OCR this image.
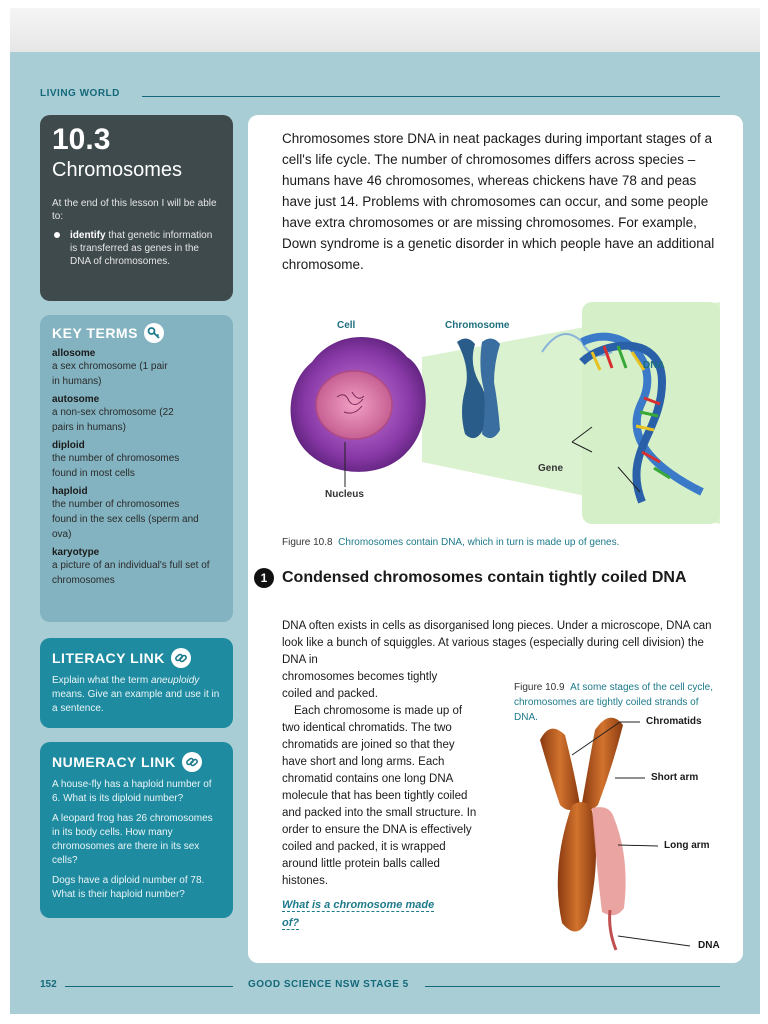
LIVING WORLD
10.3
Chromosomes
At the end of this lesson I will be able to:
identify that genetic information is transferred as genes in the DNA of chromosomes.
KEY TERMS
allosome
a sex chromosome (1 pair in humans)
autosome
a non-sex chromosome (22 pairs in humans)
diploid
the number of chromosomes found in most cells
haploid
the number of chromosomes found in the sex cells (sperm and ova)
karyotype
a picture of an individual's full set of chromosomes
LITERACY LINK

Explain what the term aneuploidy means. Give an example and use it in a sentence.

NUMERACY LINK

A house-fly has a haploid number of 6. What is its diploid number?

A leopard frog has 26 chromosomes in its body cells. How many chromosomes are there in its sex cells?

Dogs have a diploid number of 78. What is their haploid number?

Chromosomes store DNA in neat packages during important stages of a cell's life cycle. The number of chromosomes differs across species – humans have 46 chromosomes, whereas chickens have 78 and peas have just 14. Problems with chromosomes can occur, and some people have extra chromosomes or are missing chromosomes. For example, Down syndrome is a genetic disorder in which people have an additional chromosome.
Cell	Chromosome
DNA
Gene
Nucleus
Figure 10.8 Chromosomes contain DNA, which in turn is made up of genes.
1 Condensed chromosomes contain tightly coiled DNA
DNA often exists in cells as disorganised long pieces. Under a microscope, DNA can look like a bunch of squiggles. At various stages (especially during cell division) the DNA in

chromosomes becomes tightly coiled and packed.

Each chromosome is made up of two identical chromatids. The two chromatids are joined so that they have short and long arms. Each chromatid contains one long DNA molecule that has been tightly coiled and packed into the small structure. In order to ensure the DNA is effectively coiled and packed, it is wrapped around little protein balls called histones.

What is a chromosome made of?
Figure 10.9 At some stages of the cell cycle, chromosomes are tightly coiled strands of DNA.	Chromatids
Short arm
Long arm
DNA
152	GOOD SCIENCE NSW STAGE 5
